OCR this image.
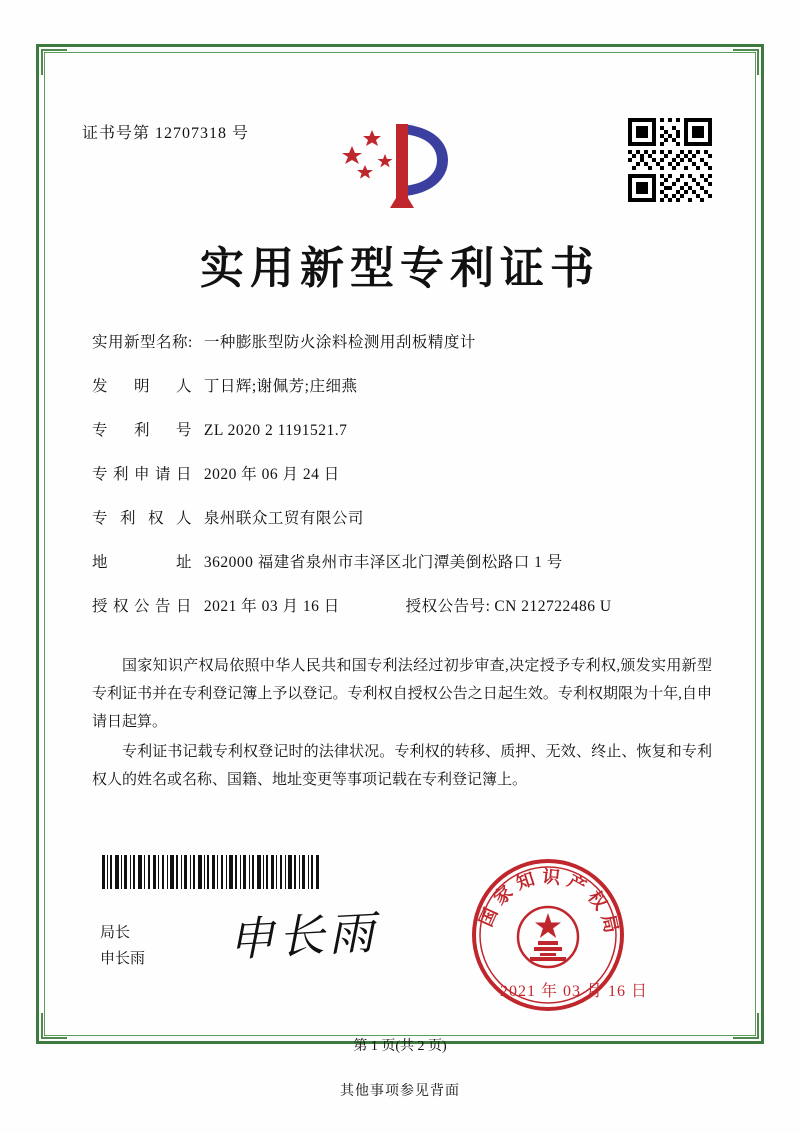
证书号第 12707318 号
实用新型专利证书
实用新型名称: 一种膨胀型防火涂料检测用刮板精度计
发 明 人 丁日辉;谢佩芳;庄细燕
专 利 号 ZL 2020 2 1191521.7
专利申请日 2020 年 06 月 24 日
专 利 权 人 泉州联众工贸有限公司
地 址 362000 福建省泉州市丰泽区北门潭美倒松路口 1 号
授权公告日 2021 年 03 月 16 日	授权公告号: CN 212722486 U

国家知识产权局依照中华人民共和国专利法经过初步审查,决定授予专利权,颁发实用新型专利证书并在专利登记簿上予以登记。专利权自授权公告之日起生效。专利权期限为十年,自申请日起算。

专利证书记载专利权登记时的法律状况。专利权的转移、质押、无效、终止、恢复和专利权人的姓名或名称、国籍、地址变更等事项记载在专利登记簿上。

局长
申长雨 申长雨	国家知识产权局
2021 年 03 月 16 日
第 1 页(共 2 页)
其他事项参见背面
